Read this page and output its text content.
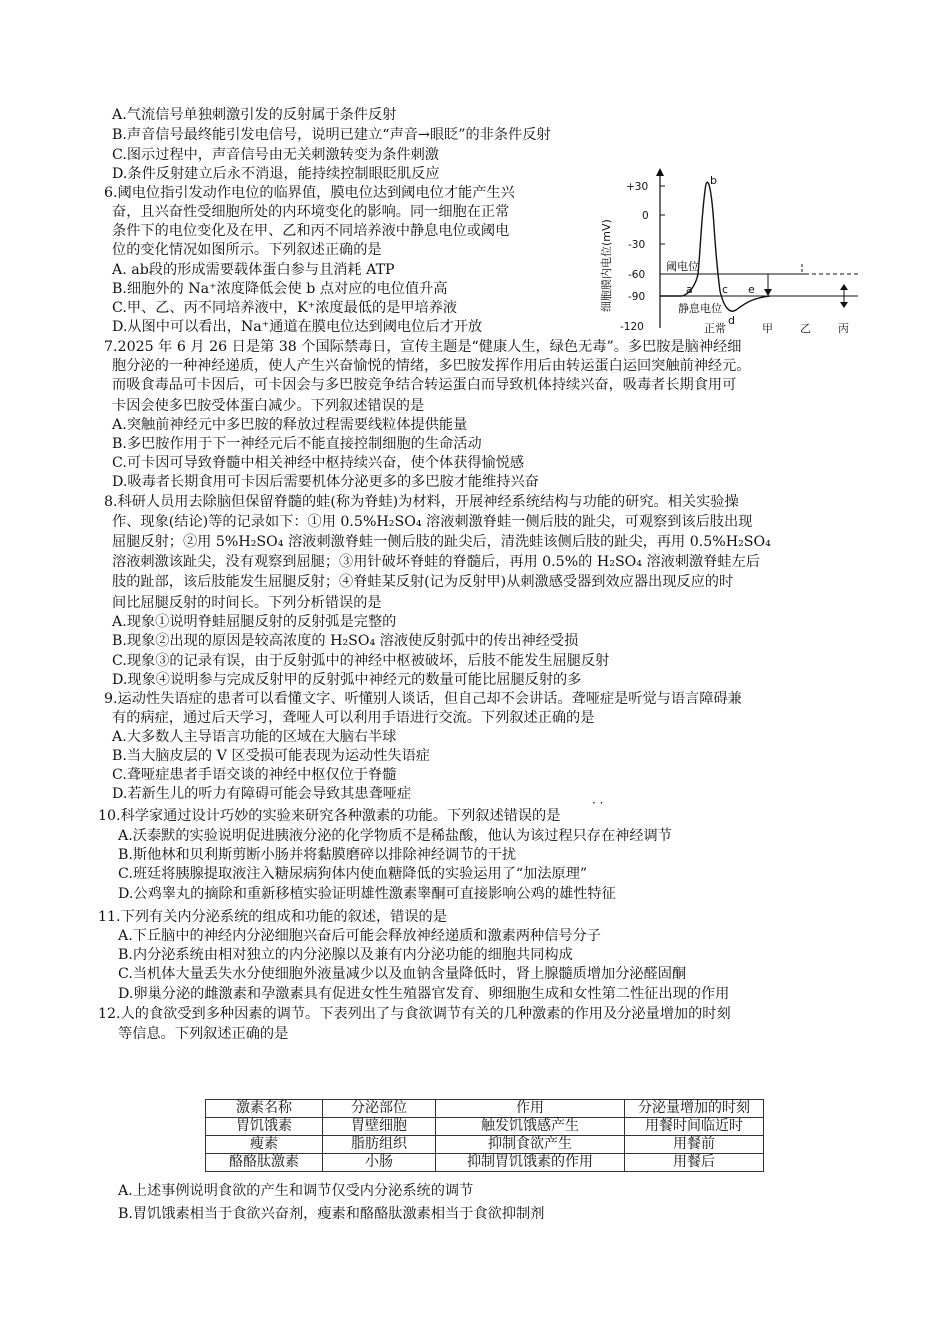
A.气流信号单独刺激引发的反射属于条件反射
B.声音信号最终能引发电信号，说明已建立“声音→眼眨”的非条件反射
C.图示过程中，声音信号由无关刺激转变为条件刺激
D.条件反射建立后永不消退，能持续控制眼眨肌反应
6.阈电位指引发动作电位的临界值，膜电位达到阈电位才能产生兴
奋，且兴奋性受细胞所处的内环境变化的影响。同一细胞在正常
条件下的电位变化及在甲、乙和丙不同培养液中静息电位或阈电
位的变化情况如图所示。下列叙述正确的是
A. ab段的形成需要载体蛋白参与且消耗 ATP
B.细胞外的 Na⁺浓度降低会使 b 点对应的电位值升高
C.甲、乙、丙不同培养液中，K⁺浓度最低的是甲培养液
D.从图中可以看出，Na⁺通道在膜电位达到阈电位后才开放
细胞膜内电位(mV)
+30
0
-30
-60
-90
-120
阈电位
静息电位
a
b
c
d
e
正常	甲 乙 丙
7.2025 年 6 月 26 日是第 38 个国际禁毒日，宣传主题是“健康人生，绿色无毒”。多巴胺是脑神经细
胞分泌的一种神经递质，使人产生兴奋愉悦的情绪，多巴胺发挥作用后由转运蛋白运回突触前神经元。
而吸食毒品可卡因后，可卡因会与多巴胺竞争结合转运蛋白而导致机体持续兴奋，吸毒者长期食用可
卡因会使多巴胺受体蛋白减少。下列叙述错误的是
A.突触前神经元中多巴胺的释放过程需要线粒体提供能量
B.多巴胺作用于下一神经元后不能直接控制细胞的生命活动
C.可卡因可导致脊髓中相关神经中枢持续兴奋，使个体获得愉悦感
D.吸毒者长期食用可卡因后需要机体分泌更多的多巴胺才能维持兴奋
8.科研人员用去除脑但保留脊髓的蛙(称为脊蛙)为材料，开展神经系统结构与功能的研究。相关实验操
作、现象(结论)等的记录如下：①用 0.5%H₂SO₄ 溶液刺激脊蛙一侧后肢的趾尖，可观察到该后肢出现
屈腿反射；②用 5%H₂SO₄ 溶液刺激脊蛙一侧后肢的趾尖后，清洗蛙该侧后肢的趾尖，再用 0.5%H₂SO₄
溶液刺激该趾尖，没有观察到屈腿；③用针破坏脊蛙的脊髓后，再用 0.5%的 H₂SO₄ 溶液刺激脊蛙左后
肢的趾部，该后肢能发生屈腿反射；④脊蛙某反射(记为反射甲)从刺激感受器到效应器出现反应的时
间比屈腿反射的时间长。下列分析错误的是
A.现象①说明脊蛙屈腿反射的反射弧是完整的
B.现象②出现的原因是较高浓度的 H₂SO₄ 溶液使反射弧中的传出神经受损
C.现象③的记录有误，由于反射弧中的神经中枢被破坏，后肢不能发生屈腿反射
D.现象④说明参与完成反射甲的反射弧中神经元的数量可能比屈腿反射的多
9.运动性失语症的患者可以看懂文字、听懂别人谈话，但自己却不会讲话。聋哑症是听觉与语言障碍兼
有的病症，通过后天学习，聋哑人可以利用手语进行交流。下列叙述正确的是
A.大多数人主导语言功能的区域在大脑右半球
B.当大脑皮层的 V 区受损可能表现为运动性失语症
C.聋哑症患者手语交谈的神经中枢仅位于脊髓
D.若新生儿的听力有障碍可能会导致其患聋哑症
· ·
10.科学家通过设计巧妙的实验来研究各种激素的功能。下列叙述错误的是
A.沃泰默的实验说明促进胰液分泌的化学物质不是稀盐酸，他认为该过程只存在神经调节
B.斯他林和贝利斯剪断小肠并将黏膜磨碎以排除神经调节的干扰
C.班廷将胰腺提取液注入糖尿病狗体内使血糖降低的实验运用了“加法原理”
D.公鸡睾丸的摘除和重新移植实验证明雄性激素睾酮可直接影响公鸡的雄性特征
11.下列有关内分泌系统的组成和功能的叙述，错误的是
A.下丘脑中的神经内分泌细胞兴奋后可能会释放神经递质和激素两种信号分子
B.内分泌系统由相对独立的内分泌腺以及兼有内分泌功能的细胞共同构成
C.当机体大量丢失水分使细胞外液量减少以及血钠含量降低时，肾上腺髓质增加分泌醛固酮
D.卵巢分泌的雌激素和孕激素具有促进女性生殖器官发育、卵细胞生成和女性第二性征出现的作用
12.人的食欲受到多种因素的调节。下表列出了与食欲调节有关的几种激素的作用及分泌量增加的时刻
等信息。下列叙述正确的是
激素名称	分泌部位	作用	分泌量增加的时刻
胃饥饿素	胃壁细胞	触发饥饿感产生	用餐时间临近时
瘦素	脂肪组织	抑制食欲产生	用餐前
酪酪肽激素	小肠	抑制胃饥饿素的作用	用餐后
A.上述事例说明食欲的产生和调节仅受内分泌系统的调节
B.胃饥饿素相当于食欲兴奋剂，瘦素和酪酪肽激素相当于食欲抑制剂
